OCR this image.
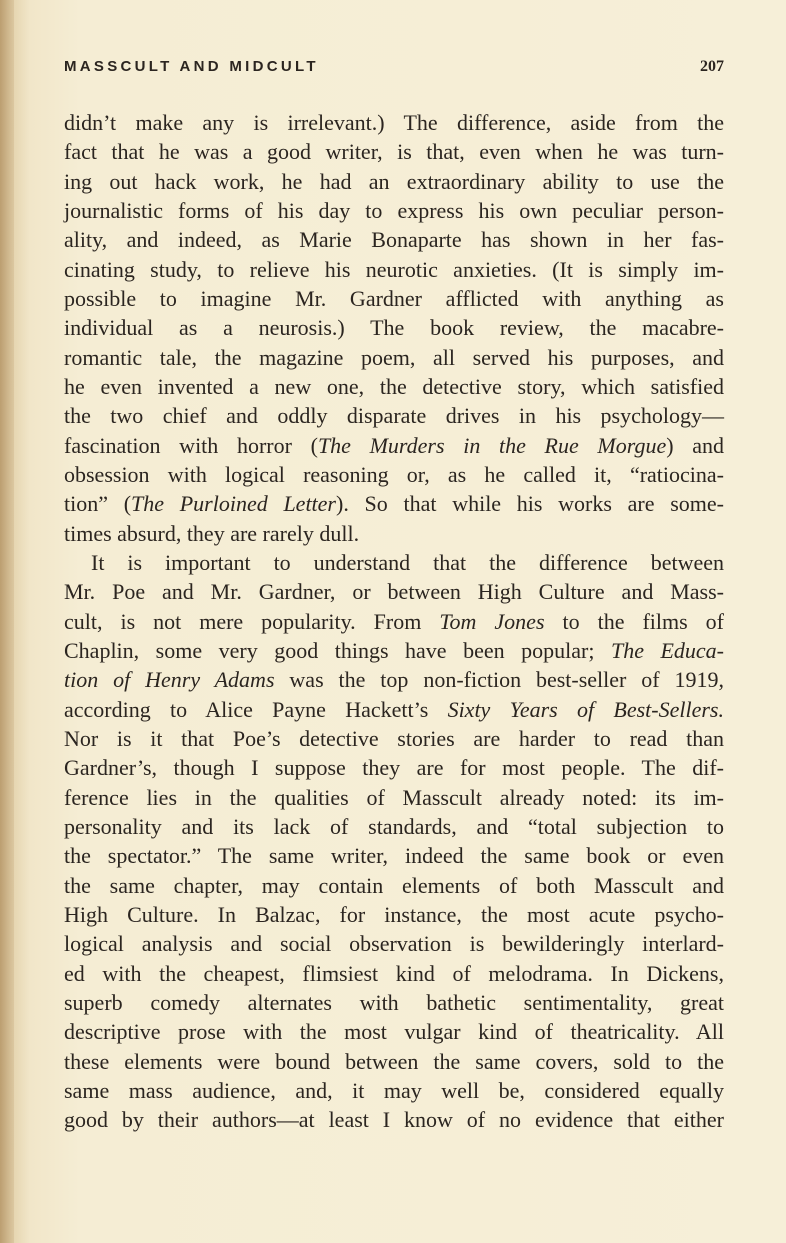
MASSCULT AND MIDCULT	207
didn’t make any is irrelevant.) The difference, aside from the
fact that he was a good writer, is that, even when he was turn-
ing out hack work, he had an extraordinary ability to use the
journalistic forms of his day to express his own peculiar person-
ality, and indeed, as Marie Bonaparte has shown in her fas-
cinating study, to relieve his neurotic anxieties. (It is simply im-
possible to imagine Mr. Gardner afflicted with anything as
individual as a neurosis.) The book review, the macabre-
romantic tale, the magazine poem, all served his purposes, and
he even invented a new one, the detective story, which satisfied
the two chief and oddly disparate drives in his psychology—
fascination with horror (The Murders in the Rue Morgue) and
obsession with logical reasoning or, as he called it, “ratiocina-
tion” (The Purloined Letter). So that while his works are some-
times absurd, they are rarely dull.
It is important to understand that the difference between
Mr. Poe and Mr. Gardner, or between High Culture and Mass-
cult, is not mere popularity. From Tom Jones to the films of
Chaplin, some very good things have been popular; The Educa-
tion of Henry Adams was the top non-fiction best-seller of 1919,
according to Alice Payne Hackett’s Sixty Years of Best-Sellers.
Nor is it that Poe’s detective stories are harder to read than
Gardner’s, though I suppose they are for most people. The dif-
ference lies in the qualities of Masscult already noted: its im-
personality and its lack of standards, and “total subjection to
the spectator.” The same writer, indeed the same book or even
the same chapter, may contain elements of both Masscult and
High Culture. In Balzac, for instance, the most acute psycho-
logical analysis and social observation is bewilderingly interlard-
ed with the cheapest, flimsiest kind of melodrama. In Dickens,
superb comedy alternates with bathetic sentimentality, great
descriptive prose with the most vulgar kind of theatricality. All
these elements were bound between the same covers, sold to the
same mass audience, and, it may well be, considered equally
good by their authors—at least I know of no evidence that either
